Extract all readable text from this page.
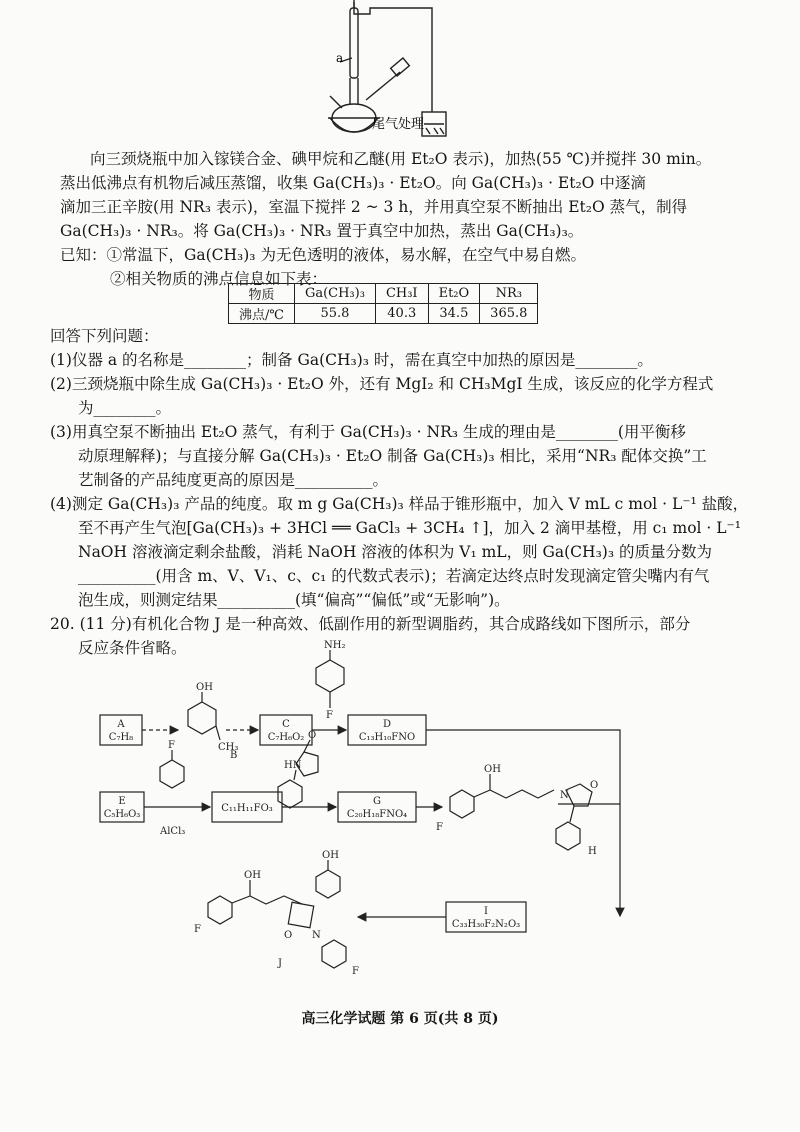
a
尾气处理

向三颈烧瓶中加入镓镁合金、碘甲烷和乙醚(用 Et₂O 表示)，加热(55 ℃)并搅拌 30 min。

蒸出低沸点有机物后减压蒸馏，收集 Ga(CH₃)₃ · Et₂O。向 Ga(CH₃)₃ · Et₂O 中逐滴

滴加三正辛胺(用 NR₃ 表示)，室温下搅拌 2 ~ 3 h，并用真空泵不断抽出 Et₂O 蒸气，制得

Ga(CH₃)₃ · NR₃。将 Ga(CH₃)₃ · NR₃ 置于真空中加热，蒸出 Ga(CH₃)₃。

已知：①常温下，Ga(CH₃)₃ 为无色透明的液体，易水解，在空气中易自燃。

②相关物质的沸点信息如下表：

物质	Ga(CH₃)₃	CH₃I	Et₂O	NR₃
沸点/℃	55.8	40.3	34.5	365.8

回答下列问题：

(1)仪器 a 的名称是________；制备 Ga(CH₃)₃ 时，需在真空中加热的原因是________。

(2)三颈烧瓶中除生成 Ga(CH₃)₃ · Et₂O 外，还有 MgI₂ 和 CH₃MgI 生成，该反应的化学方程式

为________。

(3)用真空泵不断抽出 Et₂O 蒸气，有利于 Ga(CH₃)₃ · NR₃ 生成的理由是________(用平衡移

动原理解释)；与直接分解 Ga(CH₃)₃ · Et₂O 制备 Ga(CH₃)₃ 相比，采用“NR₃ 配体交换”工

艺制备的产品纯度更高的原因是__________。

(4)测定 Ga(CH₃)₃ 产品的纯度。取 m g Ga(CH₃)₃ 样品于锥形瓶中，加入 V mL c mol · L⁻¹ 盐酸，

至不再产生气泡[Ga(CH₃)₃ + 3HCl ══ GaCl₃ + 3CH₄ ↑]，加入 2 滴甲基橙，用 c₁ mol · L⁻¹

NaOH 溶液滴定剩余盐酸，消耗 NaOH 溶液的体积为 V₁ mL，则 Ga(CH₃)₃ 的质量分数为

__________(用含 m、V、V₁、c、c₁ 的代数式表示)；若滴定达终点时发现滴定管尖嘴内有气

泡生成，则测定结果__________(填“偏高”“偏低”或“无影响”)。

20. (11 分)有机化合物 J 是一种高效、低副作用的新型调脂药，其合成路线如下图所示，部分

反应条件省略。

A
C₇H₈
OH
CH₃
B
C
C₇H₆O₂
NH₂
F
D
C₁₃H₁₀FNO
F
E
C₅H₆O₃
AlCl₃
C₁₁H₁₁FO₃
O
HN
G
C₂₀H₁₈FNO₄
OH
F
N
O
H
I
C₃₃H₃₀F₂N₂O₃
OH
F
OH
O N
F
J
高三化学试题 第 6 页(共 8 页)
